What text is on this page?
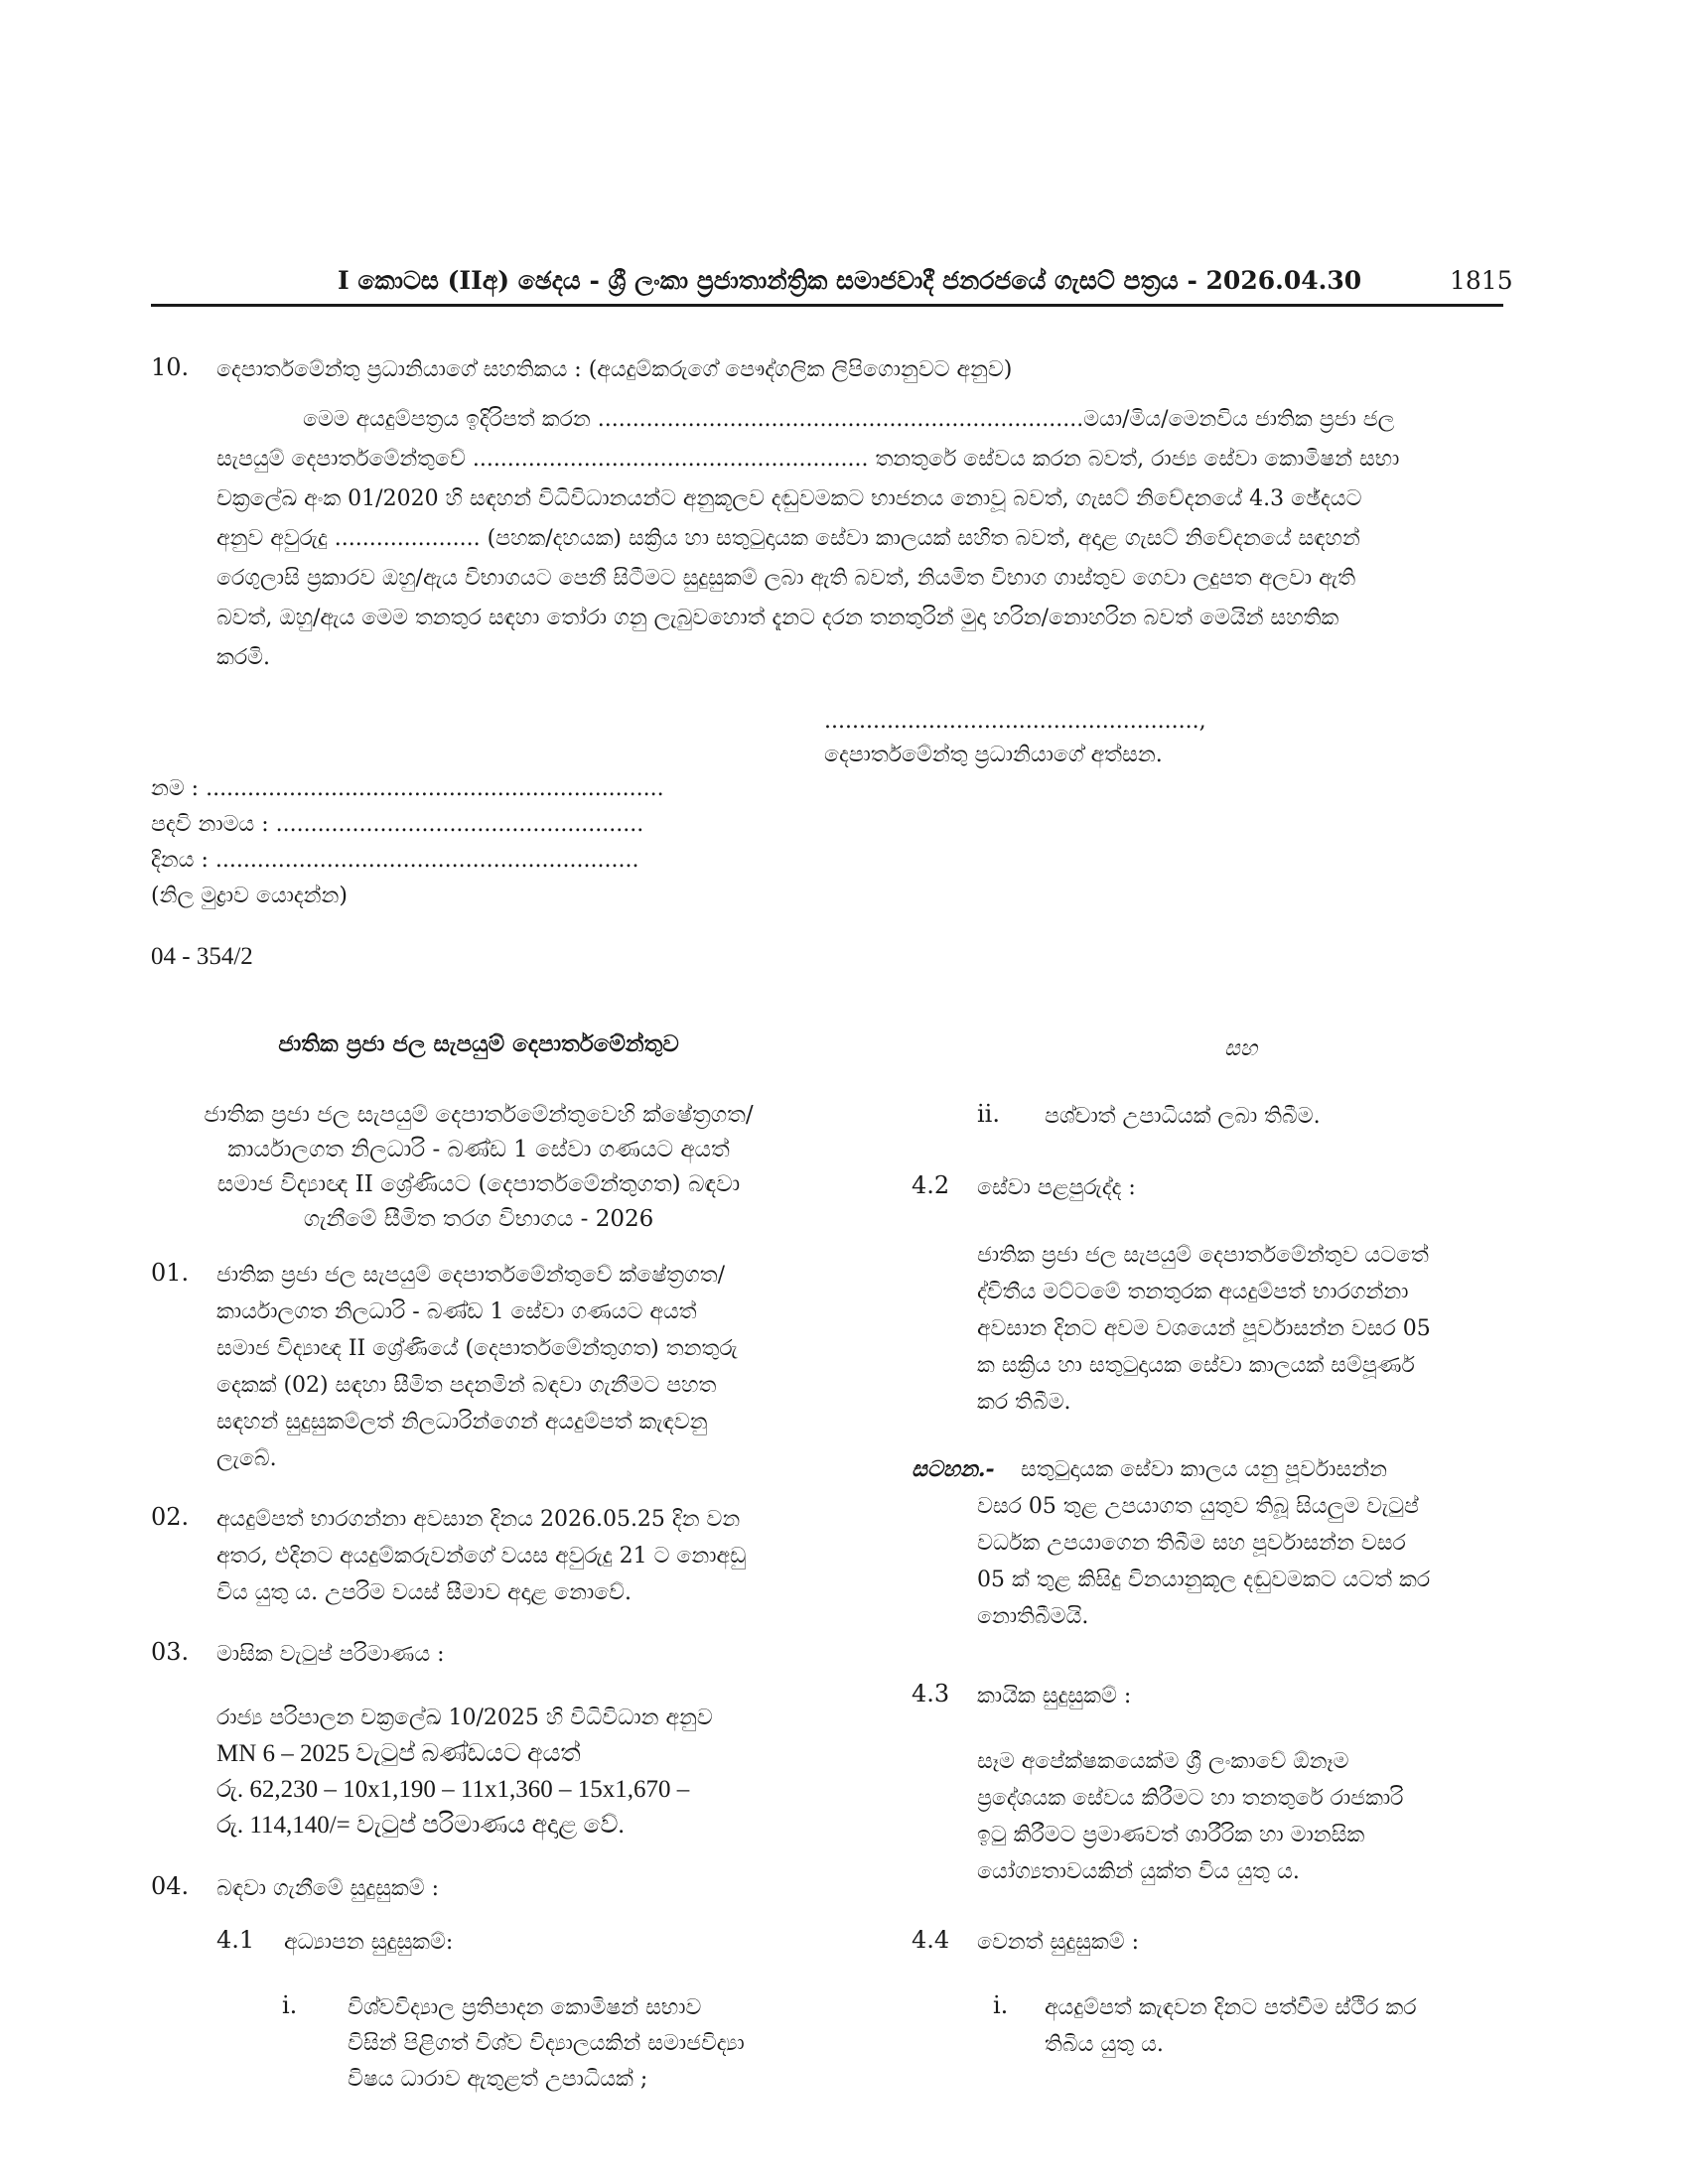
I කොටස (IIඅ) ඡෙදය - ශ්‍රී ලංකා ප්‍රජාතාන්ත්‍රික සමාජවාදී ජනරජයේ ගැසට් පත්‍රය - 2026.04.30	1815
10. දෙපාර්තමේන්තු ප්‍රධානියාගේ සහතිකය : (අයදුම්කරුගේ පෞද්ගලික ලිපිගොනුවට අනුව)
මෙම අයදුම්පත්‍රය ඉදිරිපත් කරන ......................................................................මයා/මිය/මෙනවිය ජාතික ප්‍රජා ජල
සැපයුම් දෙපාර්තමේන්තුවේ ......................................................... තනතුරේ සේවය කරන බවත්, රාජ්‍ය සේවා කොමිෂන් සභා
චක්‍රලේඛ අංක 01/2020 හි සඳහන් විධිවිධානයන්ට අනුකූලව දඬුවමකට භාජනය නොවූ බවත්, ගැසට් නිවේදනයේ 4.3 ඡේදයට
අනුව අවුරුදු ..................... (පහක/දහයක) සක්‍රිය හා සතුටුදායක සේවා කාලයක් සහිත බවත්, අදාළ ගැසට් නිවේදනයේ සඳහන්
රෙගුලාසි ප්‍රකාරව ඔහු/ඇය විභාගයට පෙනී සිටීමට සුදුසුකම් ලබා ඇති බවත්, නියමිත විභාග ගාස්තුව ගෙවා ලදුපත අලවා ඇති
බවත්, ඔහු/ඇය මෙම තනතුර සඳහා තෝරා ගනු ලැබුවහොත් දැනට දරන තනතුරින් මුදා හරින/නොහරින බවත් මෙයින් සහතික
කරමි.
......................................................,
දෙපාර්තමේන්තු ප්‍රධානියාගේ අත්සන.
නම : ..................................................................
පදවි නාමය : .....................................................
දිනය : .............................................................
(නිල මුද්‍රාව යොදන්න)
04 - 354/2
ජාතික ප්‍රජා ජල සැපයුම් දෙපාර්තමේන්තුව
ජාතික ප්‍රජා ජල සැපයුම් දෙපාර්තමේන්තුවෙහි ක්ෂේත්‍රගත/
කාර්යාලගත නිලධාරි - බණ්ඩ 1 සේවා ගණයට අයත්
සමාජ විද්‍යාඥ II ශ්‍රේණියට (දෙපාර්තමේන්තුගත) බඳවා
ගැනීමේ සීමිත තරග විභාගය - 2026
01. ජාතික ප්‍රජා ජල සැපයුම් දෙපාර්තමේන්තුවේ ක්ෂේත්‍රගත/
කාර්යාලගත නිලධාරි - බණ්ඩ 1 සේවා ගණයට අයත්
සමාජ විද්‍යාඥ II ශ්‍රේණියේ (දෙපාර්තමේන්තුගත) තනතුරු
දෙකක් (02) සඳහා සීමිත පදනමින් බඳවා ගැනීමට පහත
සඳහන් සුදුසුකම්ලත් නිලධාරින්ගෙන් අයදුම්පත් කැඳවනු
ලැබේ.
02. අයදුම්පත් භාරගන්නා අවසාන දිනය 2026.05.25 දින වන
අතර, එදිනට අයදුම්කරුවන්ගේ වයස අවුරුදු 21 ට නොඅඩු
විය යුතු ය. උපරිම වයස් සීමාව අදාළ නොවේ.
03. මාසික වැටුප් පරිමාණය :
රාජ්‍ය පරිපාලන චක්‍රලේඛ 10/2025 හි විධිවිධාන අනුව
MN 6 – 2025 වැටුප් බණ්ඩයට අයත්
රු. 62,230 – 10x1,190 – 11x1,360 – 15x1,670 –
රු. 114,140/= වැටුප් පරිමාණය අදාළ වේ.
04. බඳවා ගැනීමේ සුදුසුකම් :
4.1 අධ්‍යාපන සුදුසුකම්:
i. විශ්වවිද්‍යාල ප්‍රතිපාදන කොමිෂන් සභාව
විසින් පිළිගත් විශ්ව විද්‍යාලයකින් සමාජවිද්‍යා
විෂය ධාරාව ඇතුළත් උපාධියක් ;
සහ
ii. පශ්චාත් උපාධියක් ලබා තිබීම.
4.2 සේවා පළපුරුද්ද :
ජාතික ප්‍රජා ජල සැපයුම් දෙපාර්තමේන්තුව යටතේ
ද්විතීය මට්ටමේ තනතුරක අයදුම්පත් භාරගන්නා
අවසාන දිනට අවම වශයෙන් පූර්වාසන්න වසර 05
ක සක්‍රිය හා සතුටුදායක සේවා කාලයක් සම්පූර්ණ
කර තිබීම.
සටහන.- සතුටුදායක සේවා කාලය යනු පූර්වාසන්න
වසර 05 තුළ උපයාගත යුතුව තිබූ සියලුම වැටුප්
වර්ධක උපයාගෙන තිබීම සහ පූර්වාසන්න වසර
05 ක් තුළ කිසිදු විනයානුකූල දඬුවමකට යටත් කර
නොතිබීමයි.
4.3 කායික සුදුසුකම් :
සෑම අපේක්ෂකයෙක්ම ශ්‍රී ලංකාවේ ඕනෑම
ප්‍රදේශයක සේවය කිරීමට හා තනතුරේ රාජකාරි
ඉටු කිරීමට ප්‍රමාණවත් ශාරීරික හා මානසික
යෝග්‍යතාවයකින් යුක්ත විය යුතු ය.
4.4 වෙනත් සුදුසුකම් :
i. අයදුම්පත් කැඳවන දිනට පත්වීම ස්ථිර කර
තිබිය යුතු ය.
